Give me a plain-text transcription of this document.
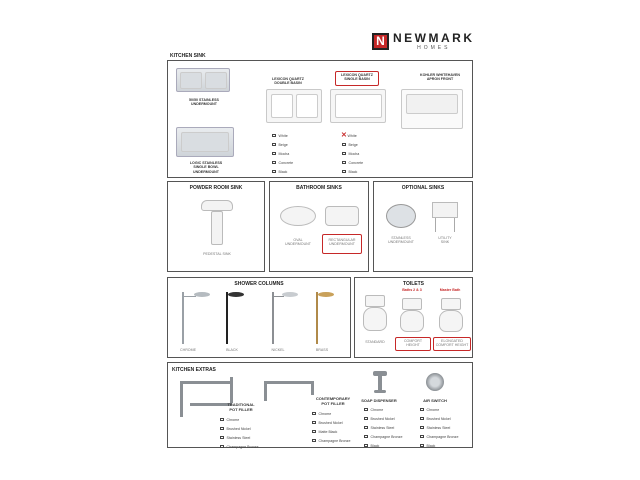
N NEWMARK
HOMES
KITCHEN SINK
50/50 STAINLESS
UNDERMOUNT
LOGIC STAINLESS
SINGLE BOWL
UNDERMOUNT
LEXICON QUARTZ
DOUBLE BASIN
White
Beige
Mocha
Concrete
Black
LEXICON QUARTZ
SINGLE BASIN
✕ White
Beige
Mocha
Concrete
Black
KOHLER WHITEHAVEN
APRON FRONT
POWDER ROOM SINK
PEDESTAL SINK
BATHROOM SINKS
OVAL
UNDERMOUNT
RECTANGULAR
UNDERMOUNT
OPTIONAL SINKS
STAINLESS
UNDERMOUNT
UTILITY
SINK
SHOWER COLUMNS
CHROME	BLACK	NICKEL	BRASS
TOILETS
Baths 2 & 3	Master Bath
STANDARD	COMFORT
HEIGHT
ELONGATED
COMFORT HEIGHT
KITCHEN EXTRAS
TRADITIONAL
POT FILLER
Chrome
Brushed Nickel
Stainless Steel
Champagne Bronze
CONTEMPORARY
POT FILLER
Chrome
Brushed Nickel
Matte Black
Champagne Bronze
SOAP DISPENSER
Chrome
Brushed Nickel
Stainless Steel
Champagne Bronze
Black
AIR SWITCH
Chrome
Brushed Nickel
Stainless Steel
Champagne Bronze
Black
